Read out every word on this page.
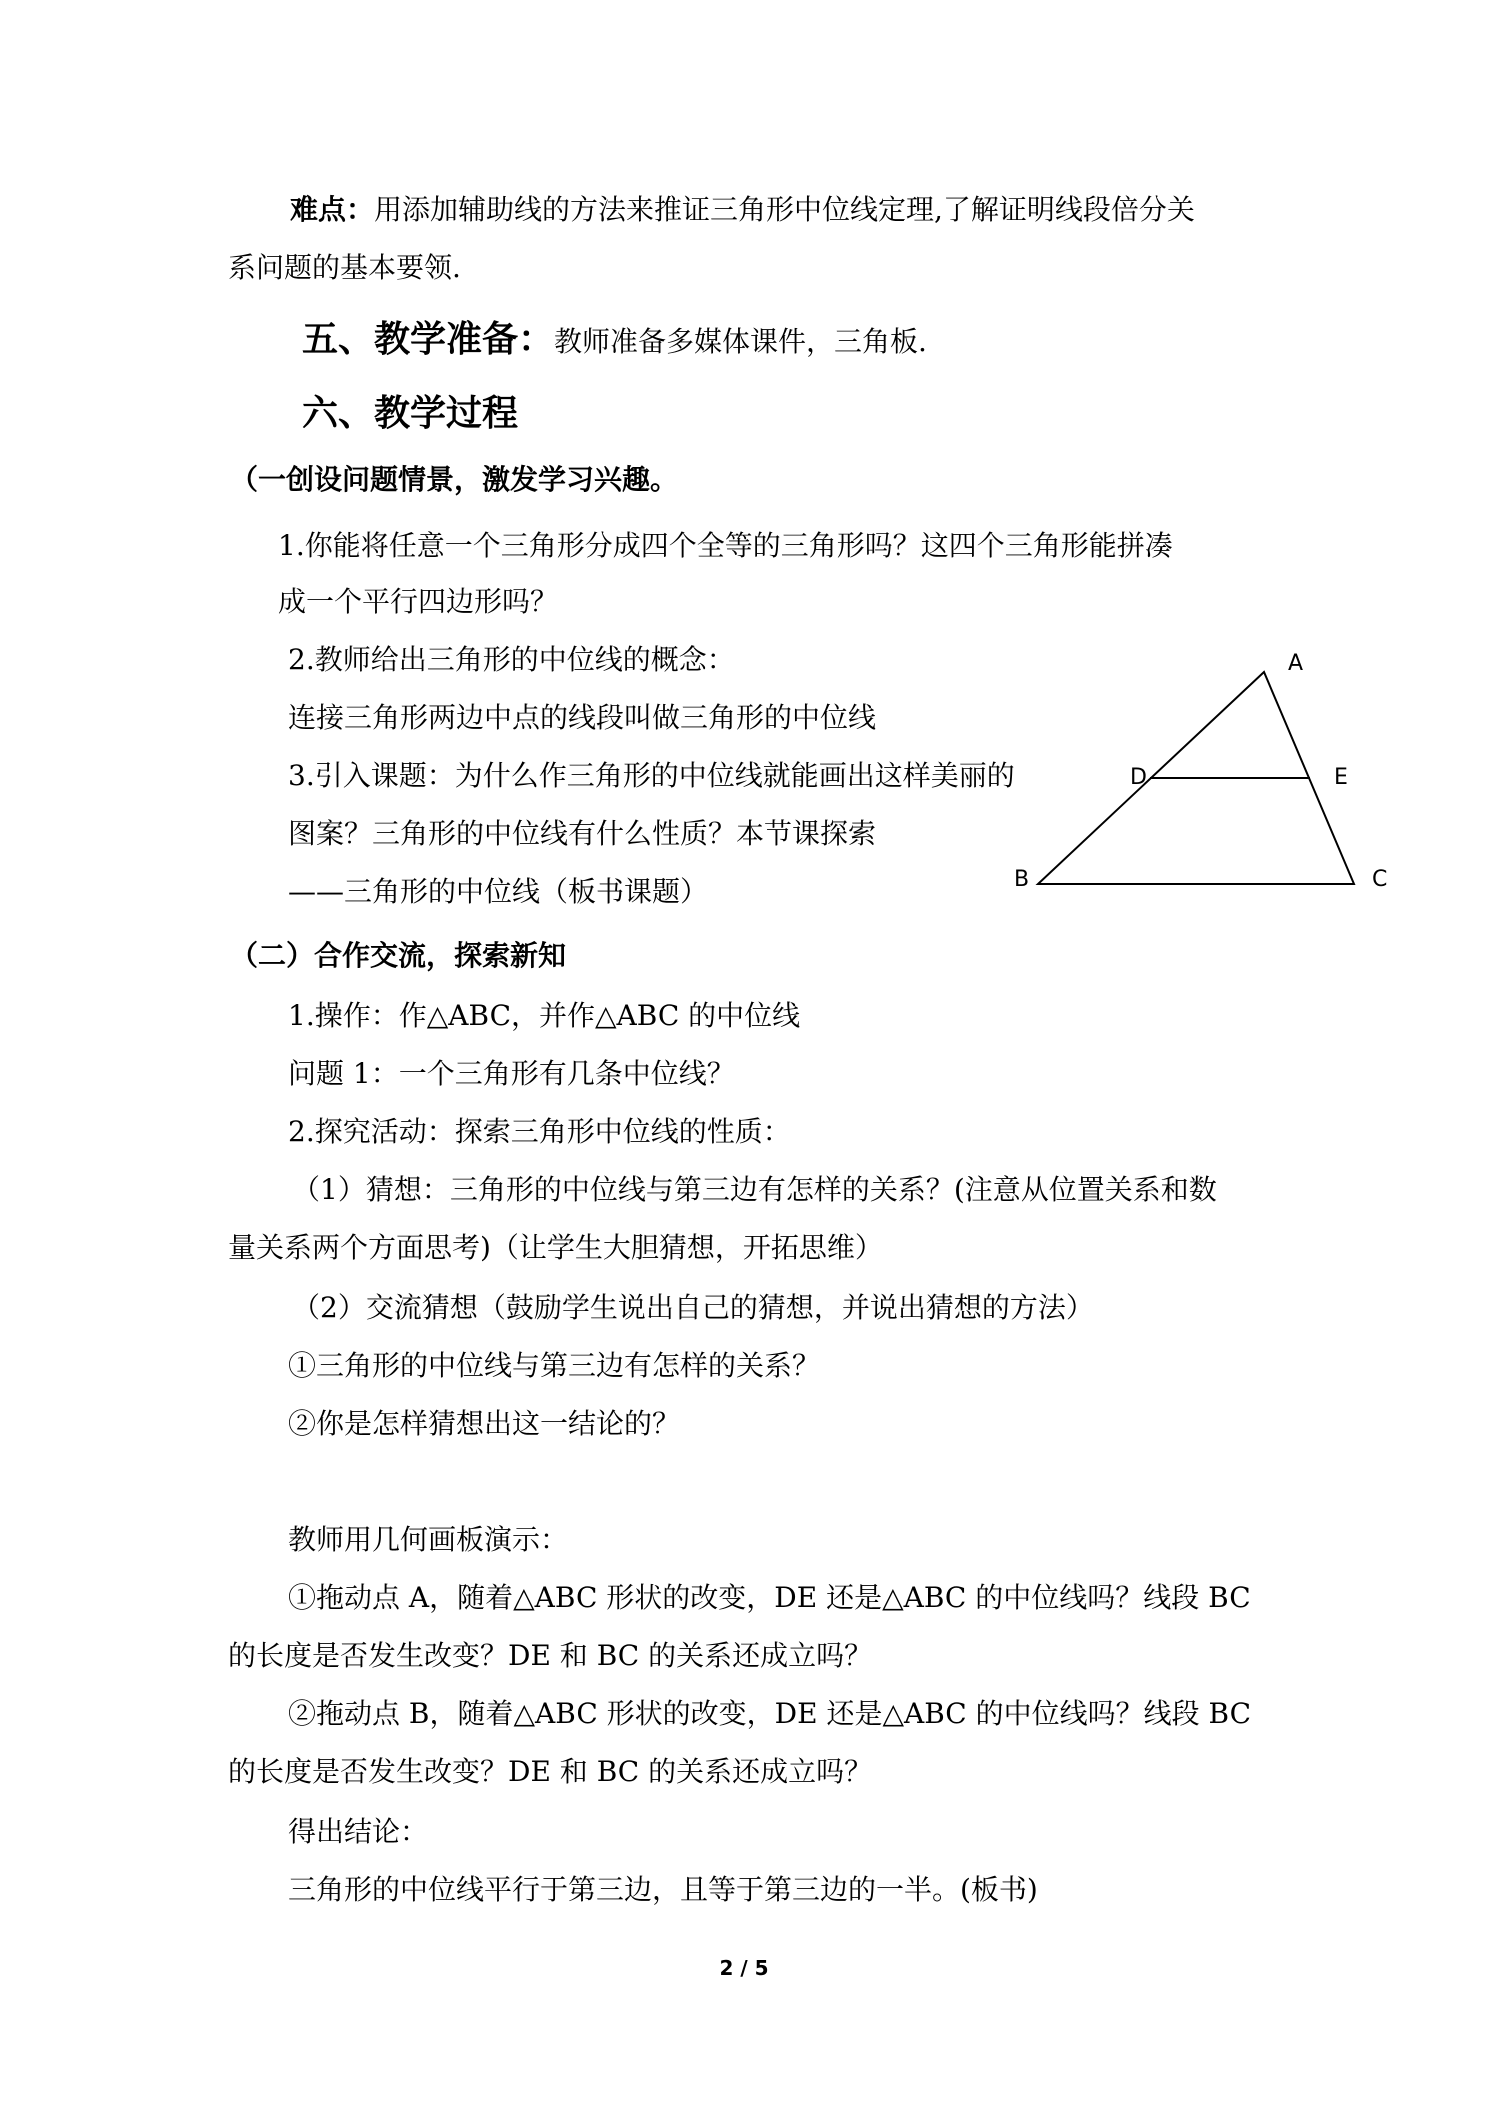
难点：用添加辅助线的方法来推证三角形中位线定理,了解证明线段倍分关
系问题的基本要领.
五、教学准备：教师准备多媒体课件，三角板.
六、教学过程
（一创设问题情景，激发学习兴趣。
1.你能将任意一个三角形分成四个全等的三角形吗？这四个三角形能拼凑
成一个平行四边形吗？
2.教师给出三角形的中位线的概念：
连接三角形两边中点的线段叫做三角形的中位线
3.引入课题：为什么作三角形的中位线就能画出这样美丽的
图案？三角形的中位线有什么性质？本节课探索
——三角形的中位线（板书课题）
A
B	C
D	E
（二）合作交流，探索新知
1.操作：作△ABC，并作△ABC 的中位线
问题 1：一个三角形有几条中位线？
2.探究活动：探索三角形中位线的性质：
（1）猜想：三角形的中位线与第三边有怎样的关系？(注意从位置关系和数
量关系两个方面思考)（让学生大胆猜想，开拓思维）
（2）交流猜想（鼓励学生说出自己的猜想，并说出猜想的方法）
①三角形的中位线与第三边有怎样的关系？
②你是怎样猜想出这一结论的？
教师用几何画板演示：
①拖动点 A，随着△ABC 形状的改变，DE 还是△ABC 的中位线吗？线段 BC
的长度是否发生改变？DE 和 BC 的关系还成立吗？
②拖动点 B，随着△ABC 形状的改变，DE 还是△ABC 的中位线吗？线段 BC
的长度是否发生改变？DE 和 BC 的关系还成立吗？
得出结论：
三角形的中位线平行于第三边，且等于第三边的一半。(板书)
2 / 5
